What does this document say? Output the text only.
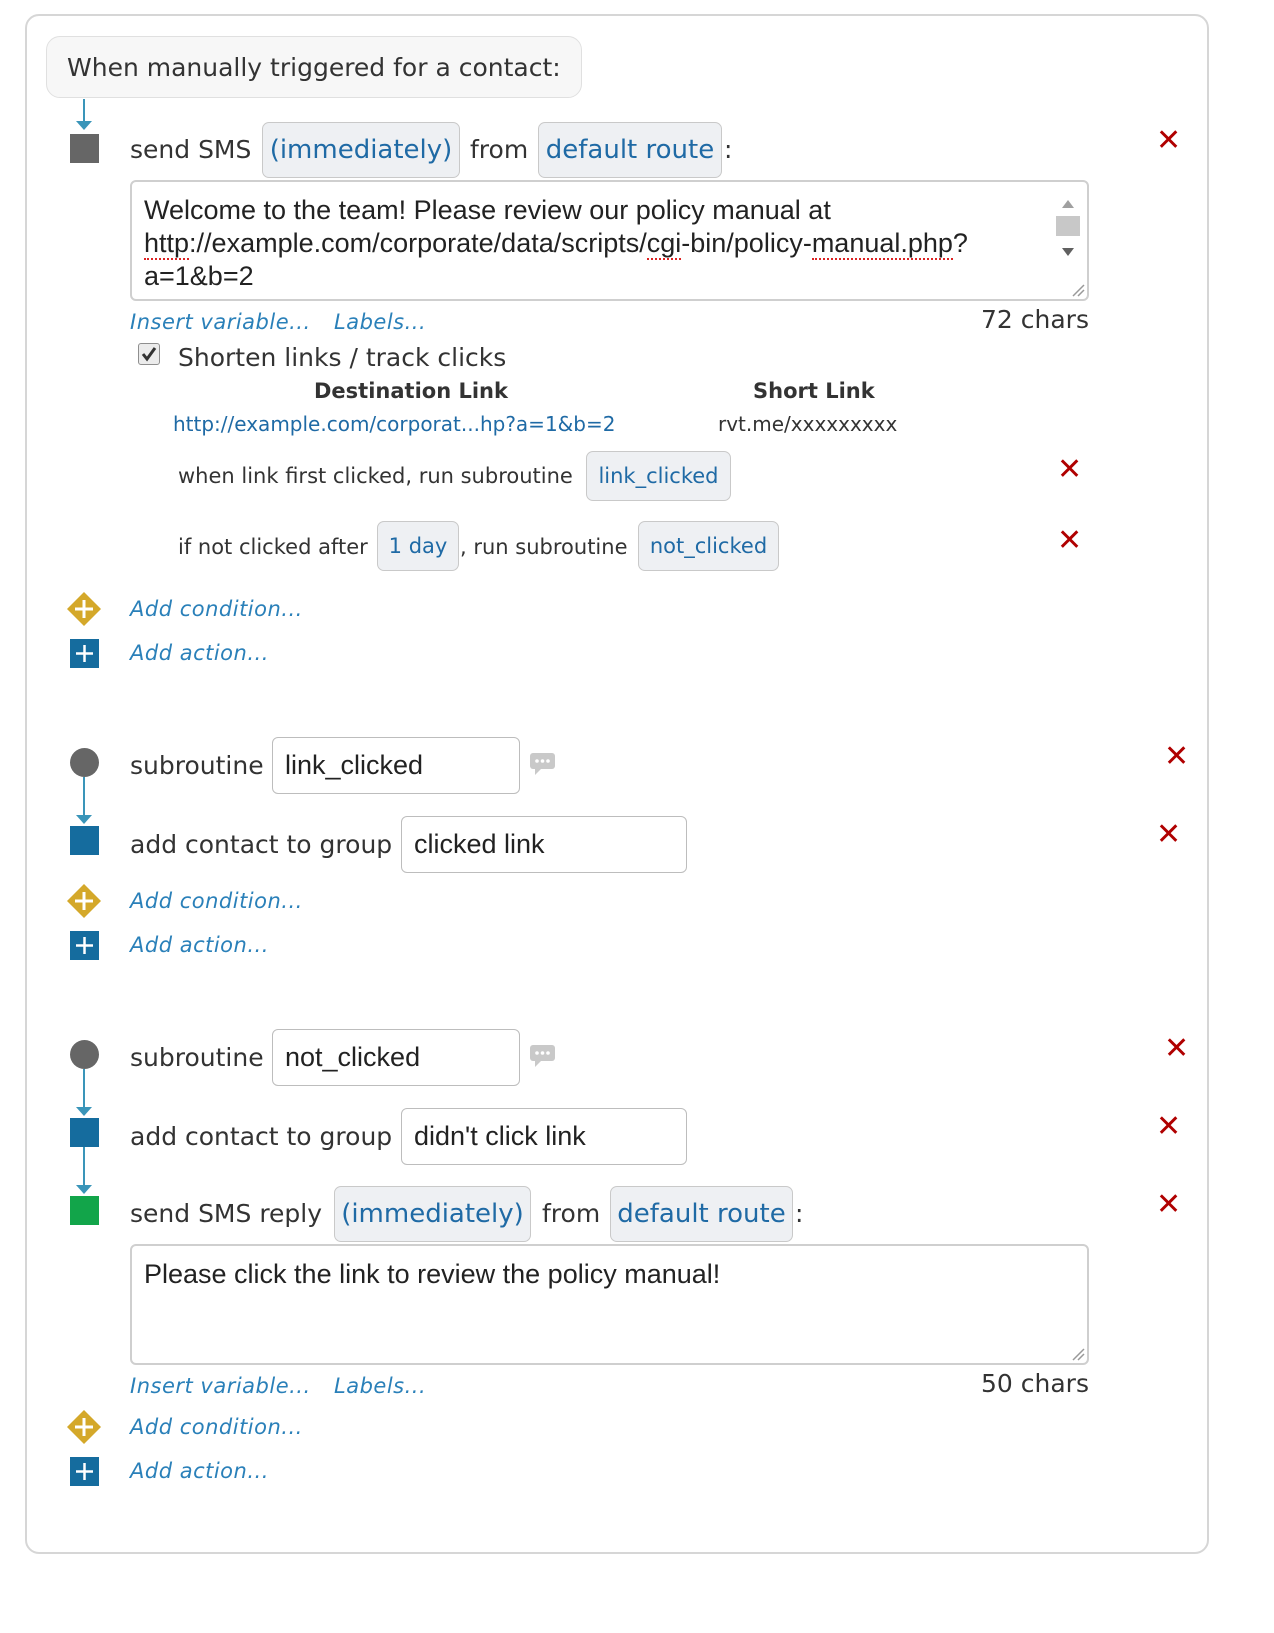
When manually triggered for a contact:
send SMS (immediately) from default route :	✕
Welcome to the team! Please review our policy manual at
http://example.com/corporate/data/scripts/cgi-bin/policy-manual.php?
a=1&b=2
Insert variable... Labels...	72 chars
Shorten links / track clicks
Destination Link	Short Link
http://example.com/corporat...hp?a=1&b=2	rvt.me/xxxxxxxxx
when link first clicked, run subroutine	link_clicked	✕
if not clicked after 1 day , run subroutine	not_clicked	✕
Add condition...
Add action...
subroutine link_clicked	✕
add contact to group clicked link	✕
Add condition...
Add action...
subroutine not_clicked	✕
add contact to group didn't click link	✕
send SMS reply (immediately) from default route :	✕
Please click the link to review the policy manual!
Insert variable... Labels...	50 chars
Add condition...
Add action...
